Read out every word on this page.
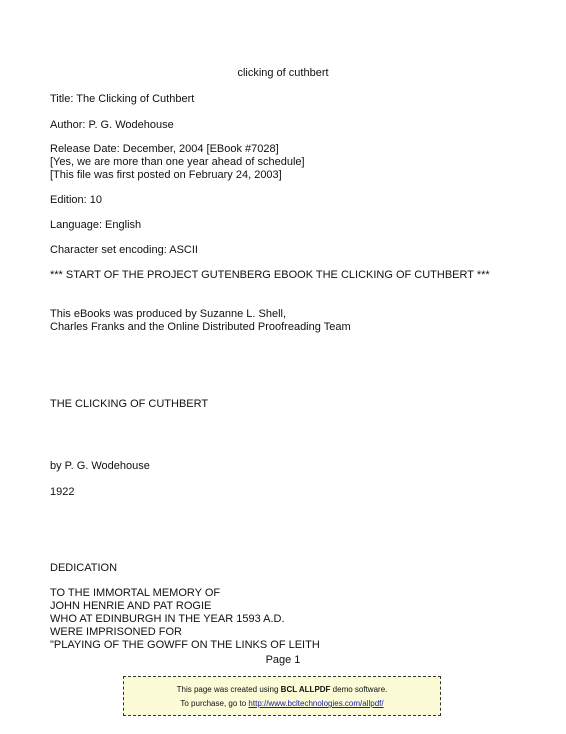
clicking of cuthbert
Title: The Clicking of Cuthbert
Author: P. G. Wodehouse
Release Date: December, 2004 [EBook #7028]
[Yes, we are more than one year ahead of schedule]
[This file was first posted on February 24, 2003]
Edition: 10
Language: English
Character set encoding: ASCII
*** START OF THE PROJECT GUTENBERG EBOOK THE CLICKING OF CUTHBERT ***
This eBooks was produced by Suzanne L. Shell,
Charles Franks and the Online Distributed Proofreading Team
THE CLICKING OF CUTHBERT
by P. G. Wodehouse
1922
DEDICATION
TO THE IMMORTAL MEMORY OF
JOHN HENRIE AND PAT ROGIE
WHO AT EDINBURGH IN THE YEAR 1593 A.D.
WERE IMPRISONED FOR
"PLAYING OF THE GOWFF ON THE LINKS OF LEITH
Page 1
This page was created using BCL ALLPDF demo software.
To purchase, go to http://www.bcltechnologies.com/allpdf/
